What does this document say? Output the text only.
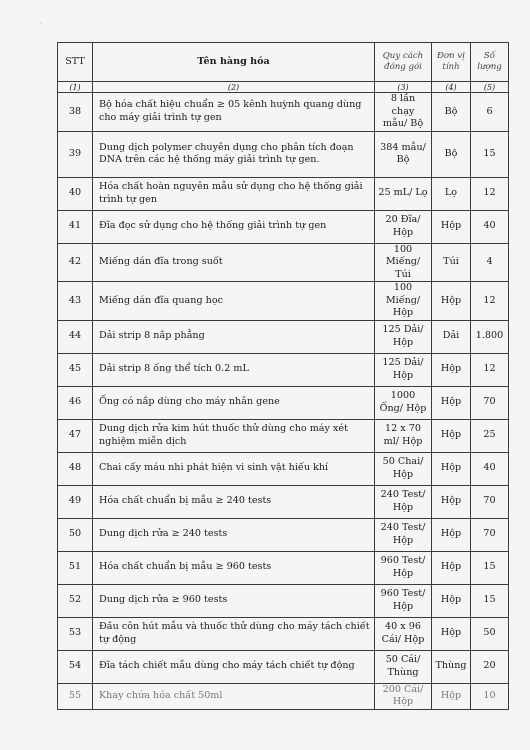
.
STT	Tên hàng hóa	Quy cách đóng gói	Đơn vị tính	Số lượng
(1)	(2)	(3)	(4)	(5)
38	Bộ hóa chất hiệu chuẩn ≥ 05 kênh huỳnh quang dùng cho máy giải trình tự gen	8 lần chạy mẫu/ Bộ	Bộ	6
39	Dung dịch polymer chuyên dụng cho phân tích đoạn DNA trên các hệ thống máy giải trình tự gen.	384 mẫu/ Bộ	Bộ	15
40	Hóa chất hoàn nguyên mẫu sử dụng cho hệ thống giải trình tự gen	25 mL/ Lọ	Lọ	12
41	Đĩa đọc sử dụng cho hệ thống giải trình tự gen	20 Đĩa/ Hộp	Hộp	40
42	Miếng dán đĩa trong suốt	100 Miếng/ Túi	Túi	4
43	Miếng dán đĩa quang học	100 Miếng/ Hộp	Hộp	12
44	Dải strip 8 nắp phẳng	125 Dải/ Hộp	Dải	1.800
45	Dải strip 8 ống thể tích 0.2 mL	125 Dải/ Hộp	Hộp	12
46	Ống có nắp dùng cho máy nhân gene	1000 Ống/ Hộp	Hộp	70
47	Dung dịch rửa kim hút thuốc thử dùng cho máy xét nghiệm miễn dịch	12 x 70 ml/ Hộp	Hộp	25
48	Chai cấy máu nhi phát hiện vi sinh vật hiếu khí	50 Chai/ Hộp	Hộp	40
49	Hóa chất chuẩn bị mẫu ≥ 240 tests	240 Test/ Hộp	Hộp	70
50	Dung dịch rửa ≥ 240 tests	240 Test/ Hộp	Hộp	70
51	Hóa chất chuẩn bị mẫu ≥ 960 tests	960 Test/ Hộp	Hộp	15
52	Dung dịch rửa ≥ 960 tests	960 Test/ Hộp	Hộp	15
53	Đầu côn hút mẫu và thuốc thử dùng cho máy tách chiết tự động	40 x 96 Cái/ Hộp	Hộp	50
54	Đĩa tách chiết mẫu dùng cho máy tách chiết tự động	50 Cái/ Thùng	Thùng	20
55	Khay chứa hóa chất 50ml	200 Cái/ Hộp	Hộp	10
